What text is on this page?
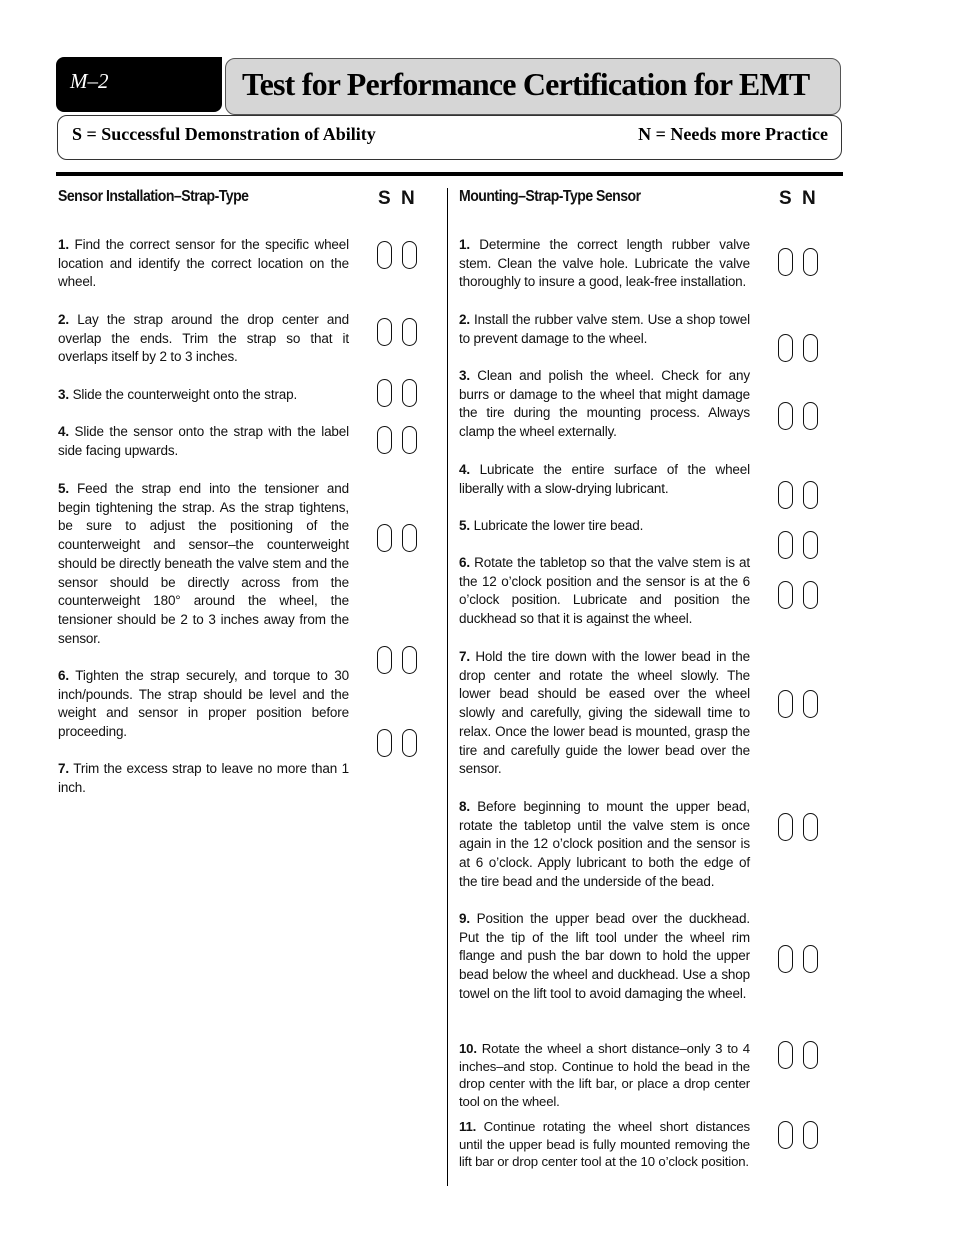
M–2	Test for Performance Certification for EMT
S = Successful Demonstration of Ability	N = Needs more Practice
Sensor Installation–Strap-Type	S N
1. Find the correct sensor for the specific wheel location and identify the correct location on the wheel.
2. Lay the strap around the drop center and overlap the ends. Trim the strap so that it overlaps itself by 2 to 3 inches.
3. Slide the counterweight onto the strap.
4. Slide the sensor onto the strap with the label side facing upwards.
5. Feed the strap end into the tensioner and begin tightening the strap. As the strap tightens, be sure to adjust the positioning of the counterweight and sensor–the counterweight should be directly beneath the valve stem and the sensor should be directly across from the counterweight 180° around the wheel, the tensioner should be 2 to 3 inches away from the sensor.
6. Tighten the strap securely, and torque to 30 inch/pounds. The strap should be level and the weight and sensor in proper position before proceeding.
7. Trim the excess strap to leave no more than 1 inch.
Mounting–Strap-Type Sensor	S N
1. Determine the correct length rubber valve stem. Clean the valve hole. Lubricate the valve thoroughly to insure a good, leak-free installation.
2. Install the rubber valve stem. Use a shop towel to prevent damage to the wheel.
3. Clean and polish the wheel. Check for any burrs or damage to the wheel that might damage the tire during the mounting process. Always clamp the wheel externally.
4. Lubricate the entire surface of the wheel liberally with a slow-drying lubricant.
5. Lubricate the lower tire bead.
6. Rotate the tabletop so that the valve stem is at the 12 o’clock position and the sensor is at the 6 o’clock position. Lubricate and position the duckhead so that it is against the wheel.
7. Hold the tire down with the lower bead in the drop center and rotate the wheel slowly. The lower bead should be eased over the wheel slowly and carefully, giving the sidewall time to relax. Once the lower bead is mounted, grasp the tire and carefully guide the lower bead over the sensor.
8. Before beginning to mount the upper bead, rotate the tabletop until the valve stem is once again in the 12 o’clock position and the sensor is at 6 o’clock. Apply lubricant to both the edge of the tire bead and the underside of the bead.
9. Position the upper bead over the duckhead. Put the tip of the lift tool under the wheel rim flange and push the bar down to hold the upper bead below the wheel and duckhead. Use a shop towel on the lift tool to avoid damaging the wheel.
10. Rotate the wheel a short distance–only 3 to 4 inches–and stop. Continue to hold the bead in the drop center with the lift bar, or place a drop center tool on the wheel.
11. Continue rotating the wheel short distances until the upper bead is fully mounted removing the lift bar or drop center tool at the 10 o’clock position.
